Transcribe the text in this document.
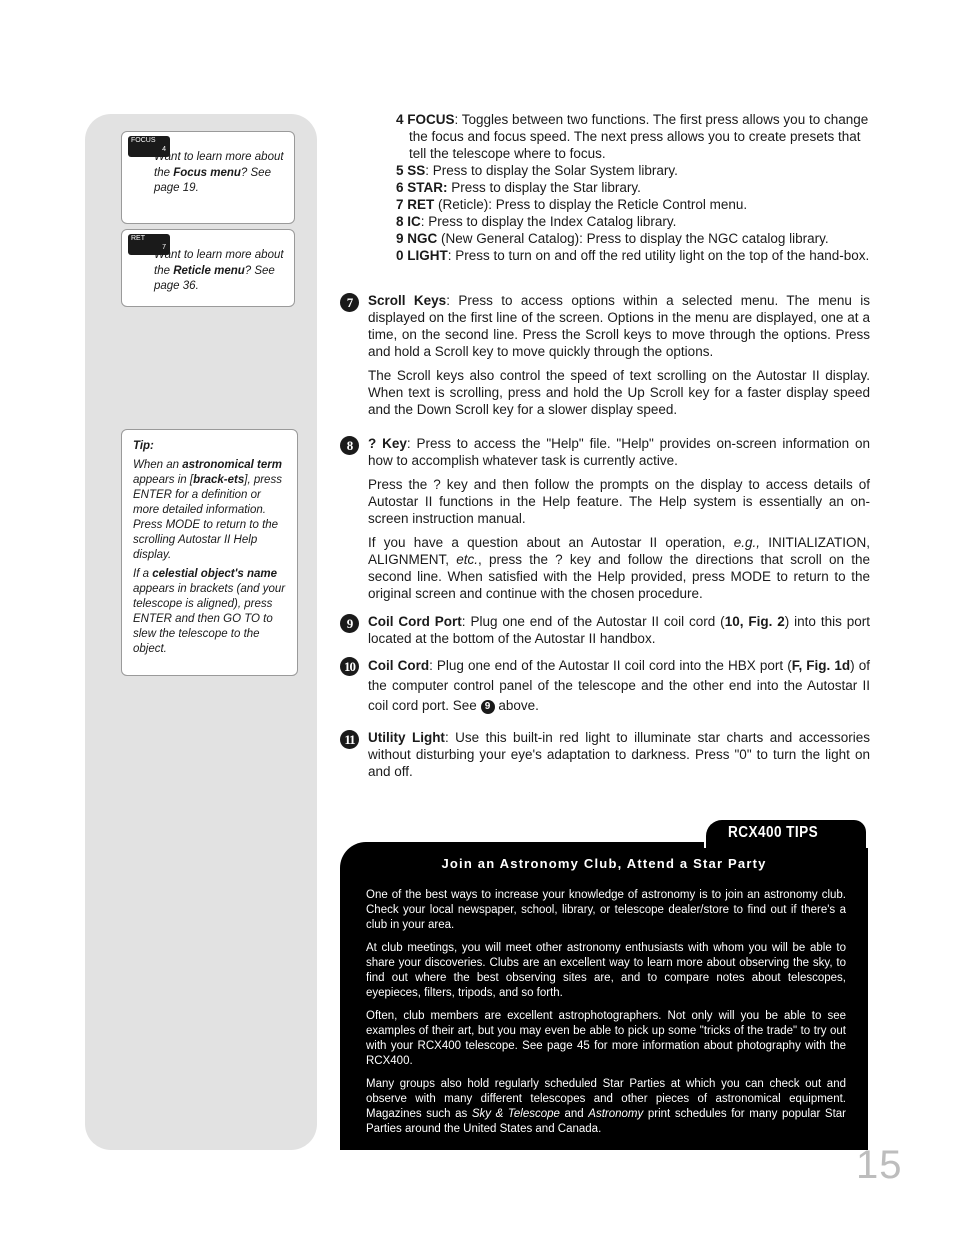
FOCUS
4
Want to learn more about the Focus menu? See page 19.
RET
7
Want to learn more about the Reticle menu? See page 36.

Tip:

When an astronomical term appears in [brack-ets], press ENTER for a definition or more detailed information. Press MODE to return to the scrolling Autostar II Help display.

If a celestial object's name appears in brackets (and your telescope is aligned), press ENTER and then GO TO to slew the telescope to the object.

4 FOCUS: Toggles between two functions. The first press allows you to change the focus and focus speed. The next press allows you to create presets that tell the telescope where to focus.

5 SS: Press to display the Solar System library.

6 STAR: Press to display the Star library.

7 RET (Reticle): Press to display the Reticle Control menu.

8 IC: Press to display the Index Catalog library.

9 NGC (New General Catalog): Press to display the NGC catalog library.

0 LIGHT: Press to turn on and off the red utility light on the top of the hand-box.

7	Scroll Keys: Press to access options within a selected menu. The menu is displayed on the first line of the screen. Options in the menu are displayed, one at a time, on the second line. Press the Scroll keys to move through the options. Press and hold a Scroll key to move quickly through the options.

The Scroll keys also control the speed of text scrolling on the Autostar II display. When text is scrolling, press and hold the Up Scroll key for a faster display speed and the Down Scroll key for a slower display speed.

8	? Key: Press to access the "Help" file. "Help" provides on-screen information on how to accomplish whatever task is currently active.

Press the ? key and then follow the prompts on the display to access details of Autostar II functions in the Help feature. The Help system is essentially an on-screen instruction manual.

If you have a question about an Autostar II operation, e.g., INITIALIZATION, ALIGNMENT, etc., press the ? key and follow the directions that scroll on the second line. When satisfied with the Help provided, press MODE to return to the original screen and continue with the chosen procedure.

9	Coil Cord Port: Plug one end of the Autostar II coil cord (10, Fig. 2) into this port located at the bottom of the Autostar II handbox.

10 Coil Cord: Plug one end of the Autostar II coil cord into the HBX port (F, Fig. 1d) of the computer control panel of the telescope and the other end into the Autostar II coil cord port. See 9 above.

11 Utility Light: Use this built-in red light to illuminate star charts and accessories without disturbing your eye's adaptation to darkness. Press "0" to turn the light on and off.

Join an Astronomy Club, Attend a Star Party

One of the best ways to increase your knowledge of astronomy is to join an astronomy club. Check your local newspaper, school, library, or telescope dealer/store to find out if there's a club in your area.

At club meetings, you will meet other astronomy enthusiasts with whom you will be able to share your discoveries. Clubs are an excellent way to learn more about observing the sky, to find out where the best observing sites are, and to compare notes about telescopes, eyepieces, filters, tripods, and so forth.

Often, club members are excellent astrophotographers. Not only will you be able to see examples of their art, but you may even be able to pick up some "tricks of the trade" to try out with your RCX400 telescope. See page 45 for more information about photography with the RCX400.

Many groups also hold regularly scheduled Star Parties at which you can check out and observe with many different telescopes and other pieces of astronomical equipment. Magazines such as Sky & Telescope and Astronomy print schedules for many popular Star Parties around the United States and Canada.

RCX400 TIPS
15
